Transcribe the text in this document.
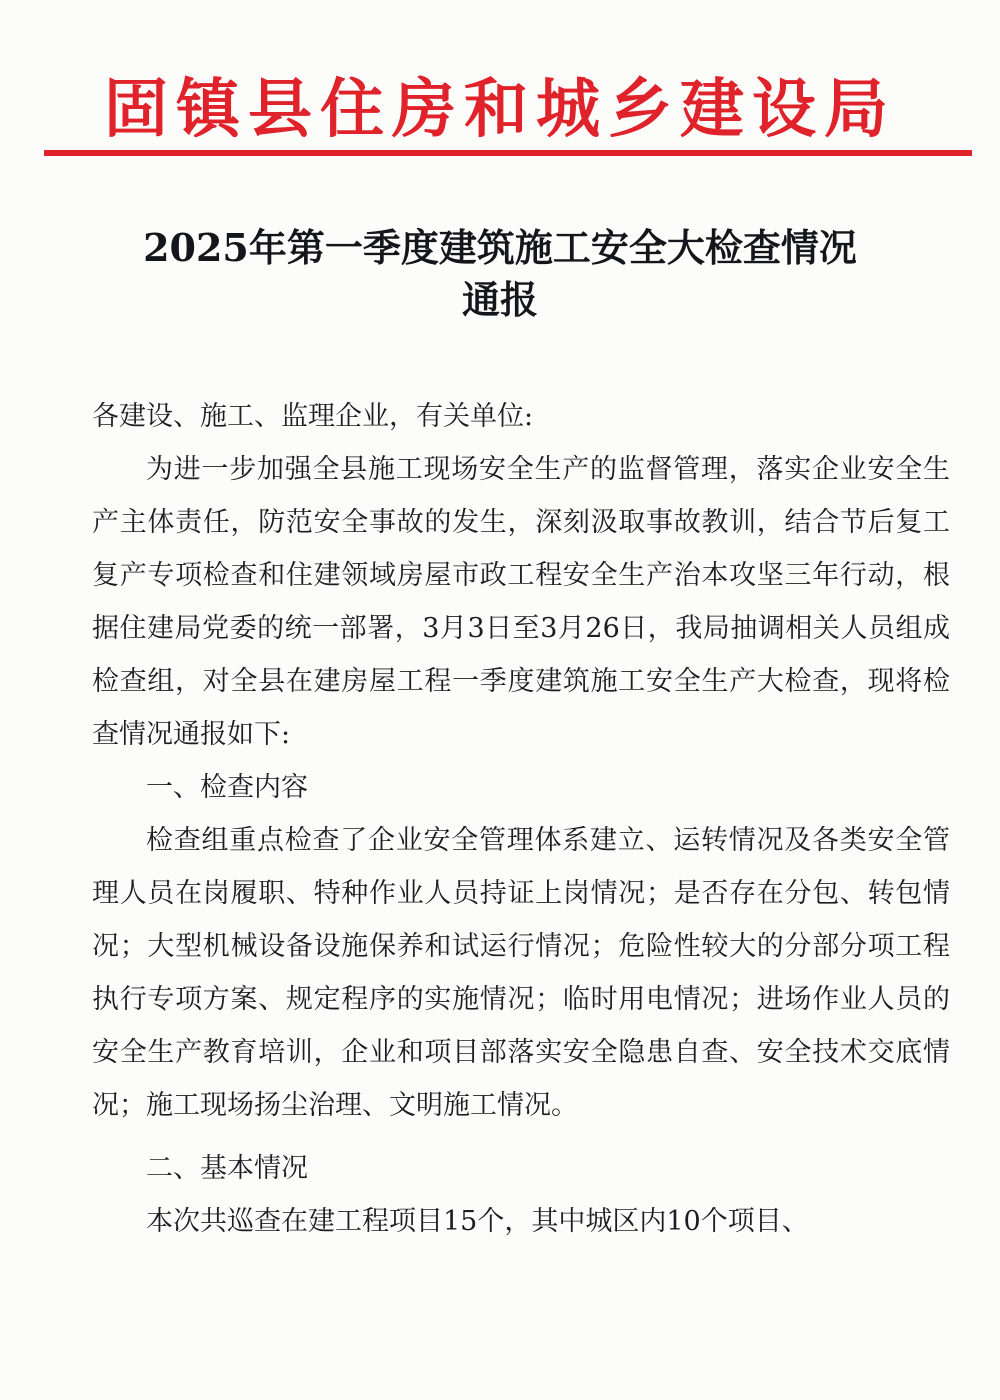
固镇县住房和城乡建设局
2025年第一季度建筑施工安全大检查情况
通报

各建设、施工、监理企业，有关单位:

为进一步加强全县施工现场安全生产的监督管理，落实企业安全生产主体责任，防范安全事故的发生，深刻汲取事故教训，结合节后复工复产专项检查和住建领域房屋市政工程安全生产治本攻坚三年行动，根据住建局党委的统一部署，3月3日至3月26日，我局抽调相关人员组成检查组，对全县在建房屋工程一季度建筑施工安全生产大检查，现将检查情况通报如下:

一、检查内容

检查组重点检查了企业安全管理体系建立、运转情况及各类安全管理人员在岗履职、特种作业人员持证上岗情况；是否存在分包、转包情况；大型机械设备设施保养和试运行情况；危险性较大的分部分项工程执行专项方案、规定程序的实施情况；临时用电情况；进场作业人员的安全生产教育培训，企业和项目部落实安全隐患自查、安全技术交底情况；施工现场扬尘治理、文明施工情况。

二、基本情况

本次共巡查在建工程项目15个，其中城区内10个项目、
